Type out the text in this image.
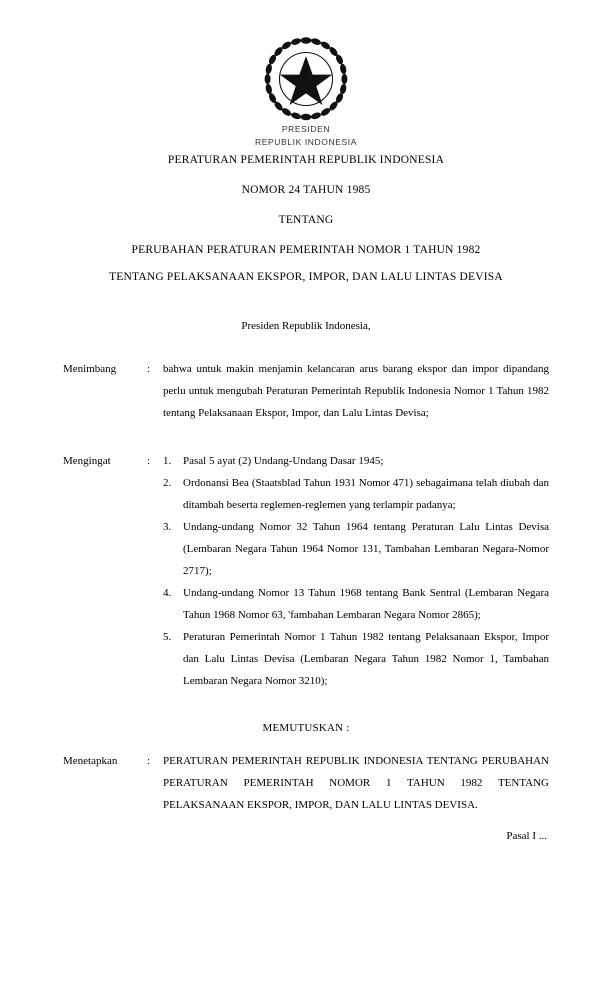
PRESIDEN
REPUBLIK INDONESIA
PERATURAN PEMERINTAH REPUBLIK INDONESIA
NOMOR 24 TAHUN 1985
TENTANG
PERUBAHAN PERATURAN PEMERINTAH NOMOR 1 TAHUN 1982
TENTANG PELAKSANAAN EKSPOR, IMPOR, DAN LALU LINTAS DEVISA
Presiden Republik Indonesia,
Menimbang	:	bahwa untuk makin menjamin kelancaran arus barang ekspor dan impor dipandang perlu untuk mengubah Peraturan Pemerintah Republik Indonesia Nomor 1 Tahun 1982 tentang Pelaksanaan Ekspor, Impor, dan Lalu Lintas Devisa;

Mengingat	:	1.	Pasal 5 ayat (2) Undang-Undang Dasar 1945;
2.	Ordonansi Bea (Staatsblad Tahun 1931 Nomor 471) sebagaimana telah diubah dan ditambah beserta reglemen-reglemen yang terlampir padanya;
3.	Undang-undang Nomor 32 Tahun 1964 tentang Peraturan Lalu Lintas Devisa (Lembaran Negara Tahun 1964 Nomor 131, Tambahan Lembaran Negara-Nomor 2717);
4.	Undang-undang Nomor 13 Tahun 1968 tentang Bank Sentral (Lembaran Negara Tahun 1968 Nomor 63, 'fambahan Lembaran Negara Nomor 2865);
5.	Peraturan Pemerintah Nomor 1 Tahun 1982 tentang Pelaksanaan Ekspor, Impor dan Lalu Lintas Devisa (Lembaran Negara Tahun 1982 Nomor 1, Tambahan Lembaran Negara Nomor 3210);
MEMUTUSKAN :
Menetapkan	:	PERATURAN PEMERINTAH REPUBLIK INDONESIA TENTANG PERUBAHAN PERATURAN PEMERINTAH NOMOR 1 TAHUN 1982 TENTANG PELAKSANAAN EKSPOR, IMPOR, DAN LALU LINTAS DEVISA.

Pasal I ...
